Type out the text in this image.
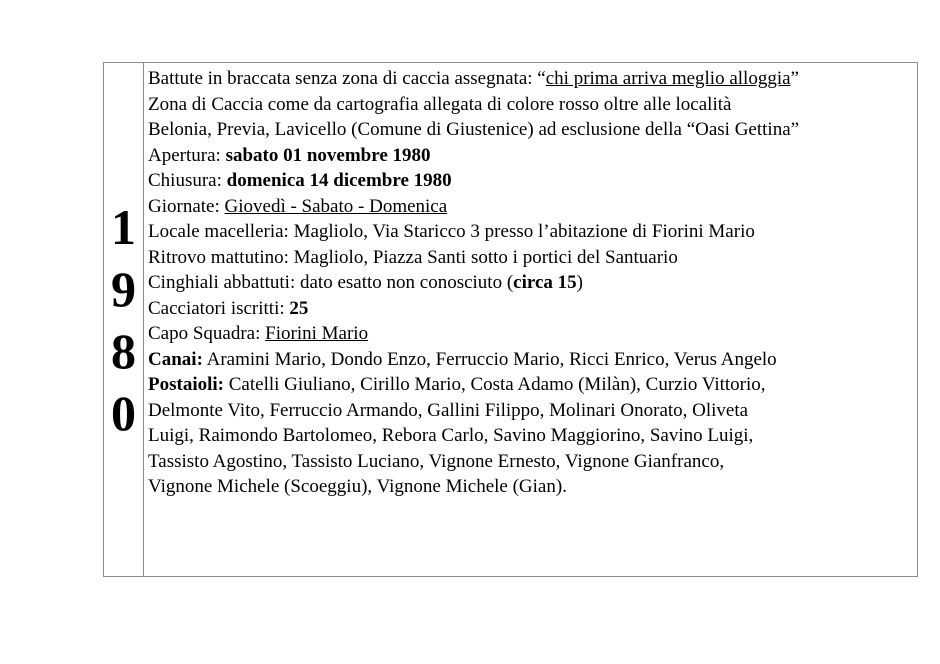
1
9
8
0
Battute in braccata senza zona di caccia assegnata: “chi prima arriva meglio alloggia”
Zona di Caccia come da cartografia allegata di colore rosso oltre alle località
Belonia, Previa, Lavicello (Comune di Giustenice) ad esclusione della “Oasi Gettina”
Apertura: sabato 01 novembre 1980
Chiusura: domenica 14 dicembre 1980
Giornate: Giovedì - Sabato - Domenica
Locale macelleria: Magliolo, Via Staricco 3 presso l’abitazione di Fiorini Mario
Ritrovo mattutino: Magliolo, Piazza Santi sotto i portici del Santuario
Cinghiali abbattuti: dato esatto non conosciuto (circa 15)
Cacciatori iscritti: 25
Capo Squadra: Fiorini Mario
Canai: Aramini Mario, Dondo Enzo, Ferruccio Mario, Ricci Enrico, Verus Angelo
Postaioli: Catelli Giuliano, Cirillo Mario, Costa Adamo (Milàn), Curzio Vittorio,
Delmonte Vito, Ferruccio Armando, Gallini Filippo, Molinari Onorato, Oliveta
Luigi, Raimondo Bartolomeo, Rebora Carlo, Savino Maggiorino, Savino Luigi,
Tassisto Agostino, Tassisto Luciano, Vignone Ernesto, Vignone Gianfranco,
Vignone Michele (Scoeggiu), Vignone Michele (Gian).
